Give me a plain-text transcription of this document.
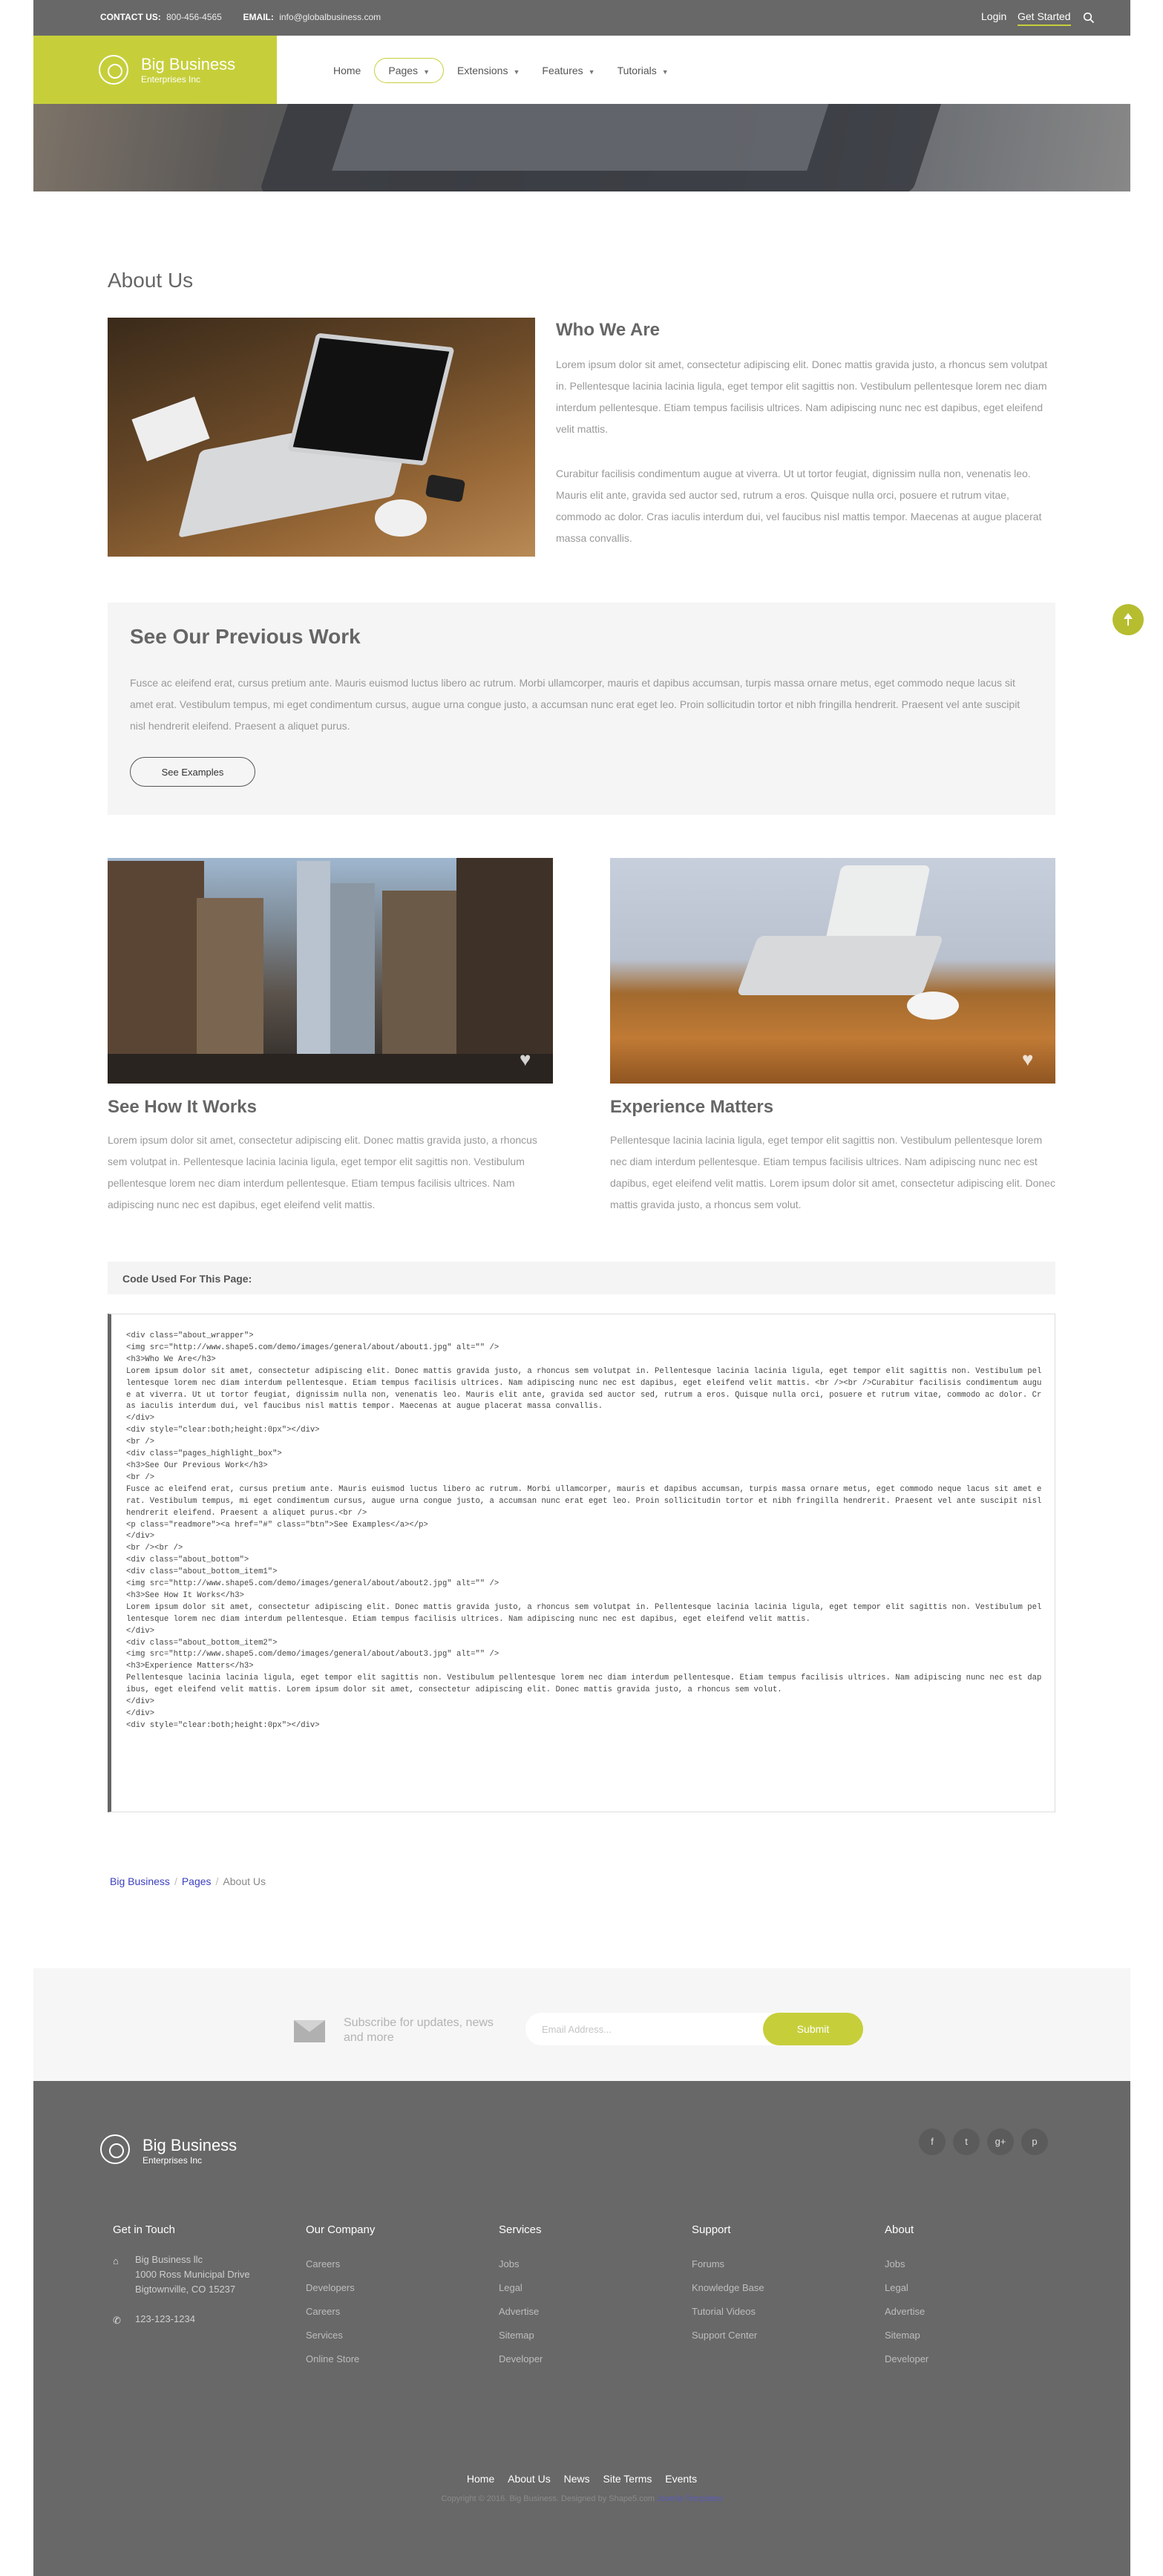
CONTACT US: 800-456-4565 EMAIL: info@globalbusiness.com	Login Get Started
Big Business
Enterprises Inc
Home	Pages ▼	Extensions ▼ Features ▼ Tutorials ▼
About Us
Who We Are

Lorem ipsum dolor sit amet, consectetur adipiscing elit. Donec mattis gravida justo, a rhoncus sem volutpat in. Pellentesque lacinia lacinia ligula, eget tempor elit sagittis non. Vestibulum pellentesque lorem nec diam interdum pellentesque. Etiam tempus facilisis ultrices. Nam adipiscing nunc nec est dapibus, eget eleifend velit mattis.

Curabitur facilisis condimentum augue at viverra. Ut ut tortor feugiat, dignissim nulla non, venenatis leo. Mauris elit ante, gravida sed auctor sed, rutrum a eros. Quisque nulla orci, posuere et rutrum vitae, commodo ac dolor. Cras iaculis interdum dui, vel faucibus nisl mattis tempor. Maecenas at augue placerat massa convallis.

See Our Previous Work

Fusce ac eleifend erat, cursus pretium ante. Mauris euismod luctus libero ac rutrum. Morbi ullamcorper, mauris et dapibus accumsan, turpis massa ornare metus, eget commodo neque lacus sit amet erat. Vestibulum tempus, mi eget condimentum cursus, augue urna congue justo, a accumsan nunc erat eget leo. Proin sollicitudin tortor et nibh fringilla hendrerit. Praesent vel ante suscipit nisl hendrerit eleifend. Praesent a aliquet purus.

See Examples
♥	♥
See How It Works

Lorem ipsum dolor sit amet, consectetur adipiscing elit. Donec mattis gravida justo, a rhoncus sem volutpat in. Pellentesque lacinia lacinia ligula, eget tempor elit sagittis non. Vestibulum pellentesque lorem nec diam interdum pellentesque. Etiam tempus facilisis ultrices. Nam adipiscing nunc nec est dapibus, eget eleifend velit mattis.

Experience Matters

Pellentesque lacinia lacinia ligula, eget tempor elit sagittis non. Vestibulum pellentesque lorem nec diam interdum pellentesque. Etiam tempus facilisis ultrices. Nam adipiscing nunc nec est dapibus, eget eleifend velit mattis. Lorem ipsum dolor sit amet, consectetur adipiscing elit. Donec mattis gravida justo, a rhoncus sem volut.

Code Used For This Page:
<div class="about_wrapper">
<img src="http://www.shape5.com/demo/images/general/about/about1.jpg" alt="" />
<h3>Who We Are</h3>
Lorem ipsum dolor sit amet, consectetur adipiscing elit. Donec mattis gravida justo, a rhoncus sem volutpat in. Pellentesque lacinia lacinia ligula, eget tempor elit sagittis non. Vestibulum pellentesque lorem nec diam interdum pellentesque. Etiam tempus facilisis ultrices. Nam adipiscing nunc nec est dapibus, eget eleifend velit mattis. <br /><br />Curabitur facilisis condimentum augue at viverra. Ut ut tortor feugiat, dignissim nulla non, venenatis leo. Mauris elit ante, gravida sed auctor sed, rutrum a eros. Quisque nulla orci, posuere et rutrum vitae, commodo ac dolor. Cras iaculis interdum dui, vel faucibus nisl mattis tempor. Maecenas at augue placerat massa convallis.
</div>
<div style="clear:both;height:0px"></div>
<br />
<div class="pages_highlight_box">
<h3>See Our Previous Work</h3>
<br />
Fusce ac eleifend erat, cursus pretium ante. Mauris euismod luctus libero ac rutrum. Morbi ullamcorper, mauris et dapibus accumsan, turpis massa ornare metus, eget commodo neque lacus sit amet erat. Vestibulum tempus, mi eget condimentum cursus, augue urna congue justo, a accumsan nunc erat eget leo. Proin sollicitudin tortor et nibh fringilla hendrerit. Praesent vel ante suscipit nisl hendrerit eleifend. Praesent a aliquet purus.<br />
<p class="readmore"><a href="#" class="btn">See Examples</a></p>
</div>
<br /><br />
<div class="about_bottom">
<div class="about_bottom_item1">
<img src="http://www.shape5.com/demo/images/general/about/about2.jpg" alt="" />
<h3>See How It Works</h3>
Lorem ipsum dolor sit amet, consectetur adipiscing elit. Donec mattis gravida justo, a rhoncus sem volutpat in. Pellentesque lacinia lacinia ligula, eget tempor elit sagittis non. Vestibulum pellentesque lorem nec diam interdum pellentesque. Etiam tempus facilisis ultrices. Nam adipiscing nunc nec est dapibus, eget eleifend velit mattis.
</div>
<div class="about_bottom_item2">
<img src="http://www.shape5.com/demo/images/general/about/about3.jpg" alt="" />
<h3>Experience Matters</h3>
Pellentesque lacinia lacinia ligula, eget tempor elit sagittis non. Vestibulum pellentesque lorem nec diam interdum pellentesque. Etiam tempus facilisis ultrices. Nam adipiscing nunc nec est dapibus, eget eleifend velit mattis. Lorem ipsum dolor sit amet, consectetur adipiscing elit. Donec mattis gravida justo, a rhoncus sem volut.
</div>
</div>
<div style="clear:both;height:0px"></div>
Big Business / Pages / About Us
Subscribe for updates, news and more
Email Address...
Submit
Big Business
Enterprises Inc
f	t	g+	p
Get in Touch
⌂ Big Business llc
1000 Ross Municipal Drive
Bigtownville, CO 15237
✆ 123-123-1234
Our Company
Careers
Developers
Careers
Services
Online Store
Services
Jobs
Legal
Advertise
Sitemap
Developer
Support
Forums
Knowledge Base
Tutorial Videos
Support Center
About
Jobs
Legal
Advertise
Sitemap
Developer
Home About Us News Site Terms Events
Copyright © 2016. Big Business. Designed by Shape5.com Joomla Templates
